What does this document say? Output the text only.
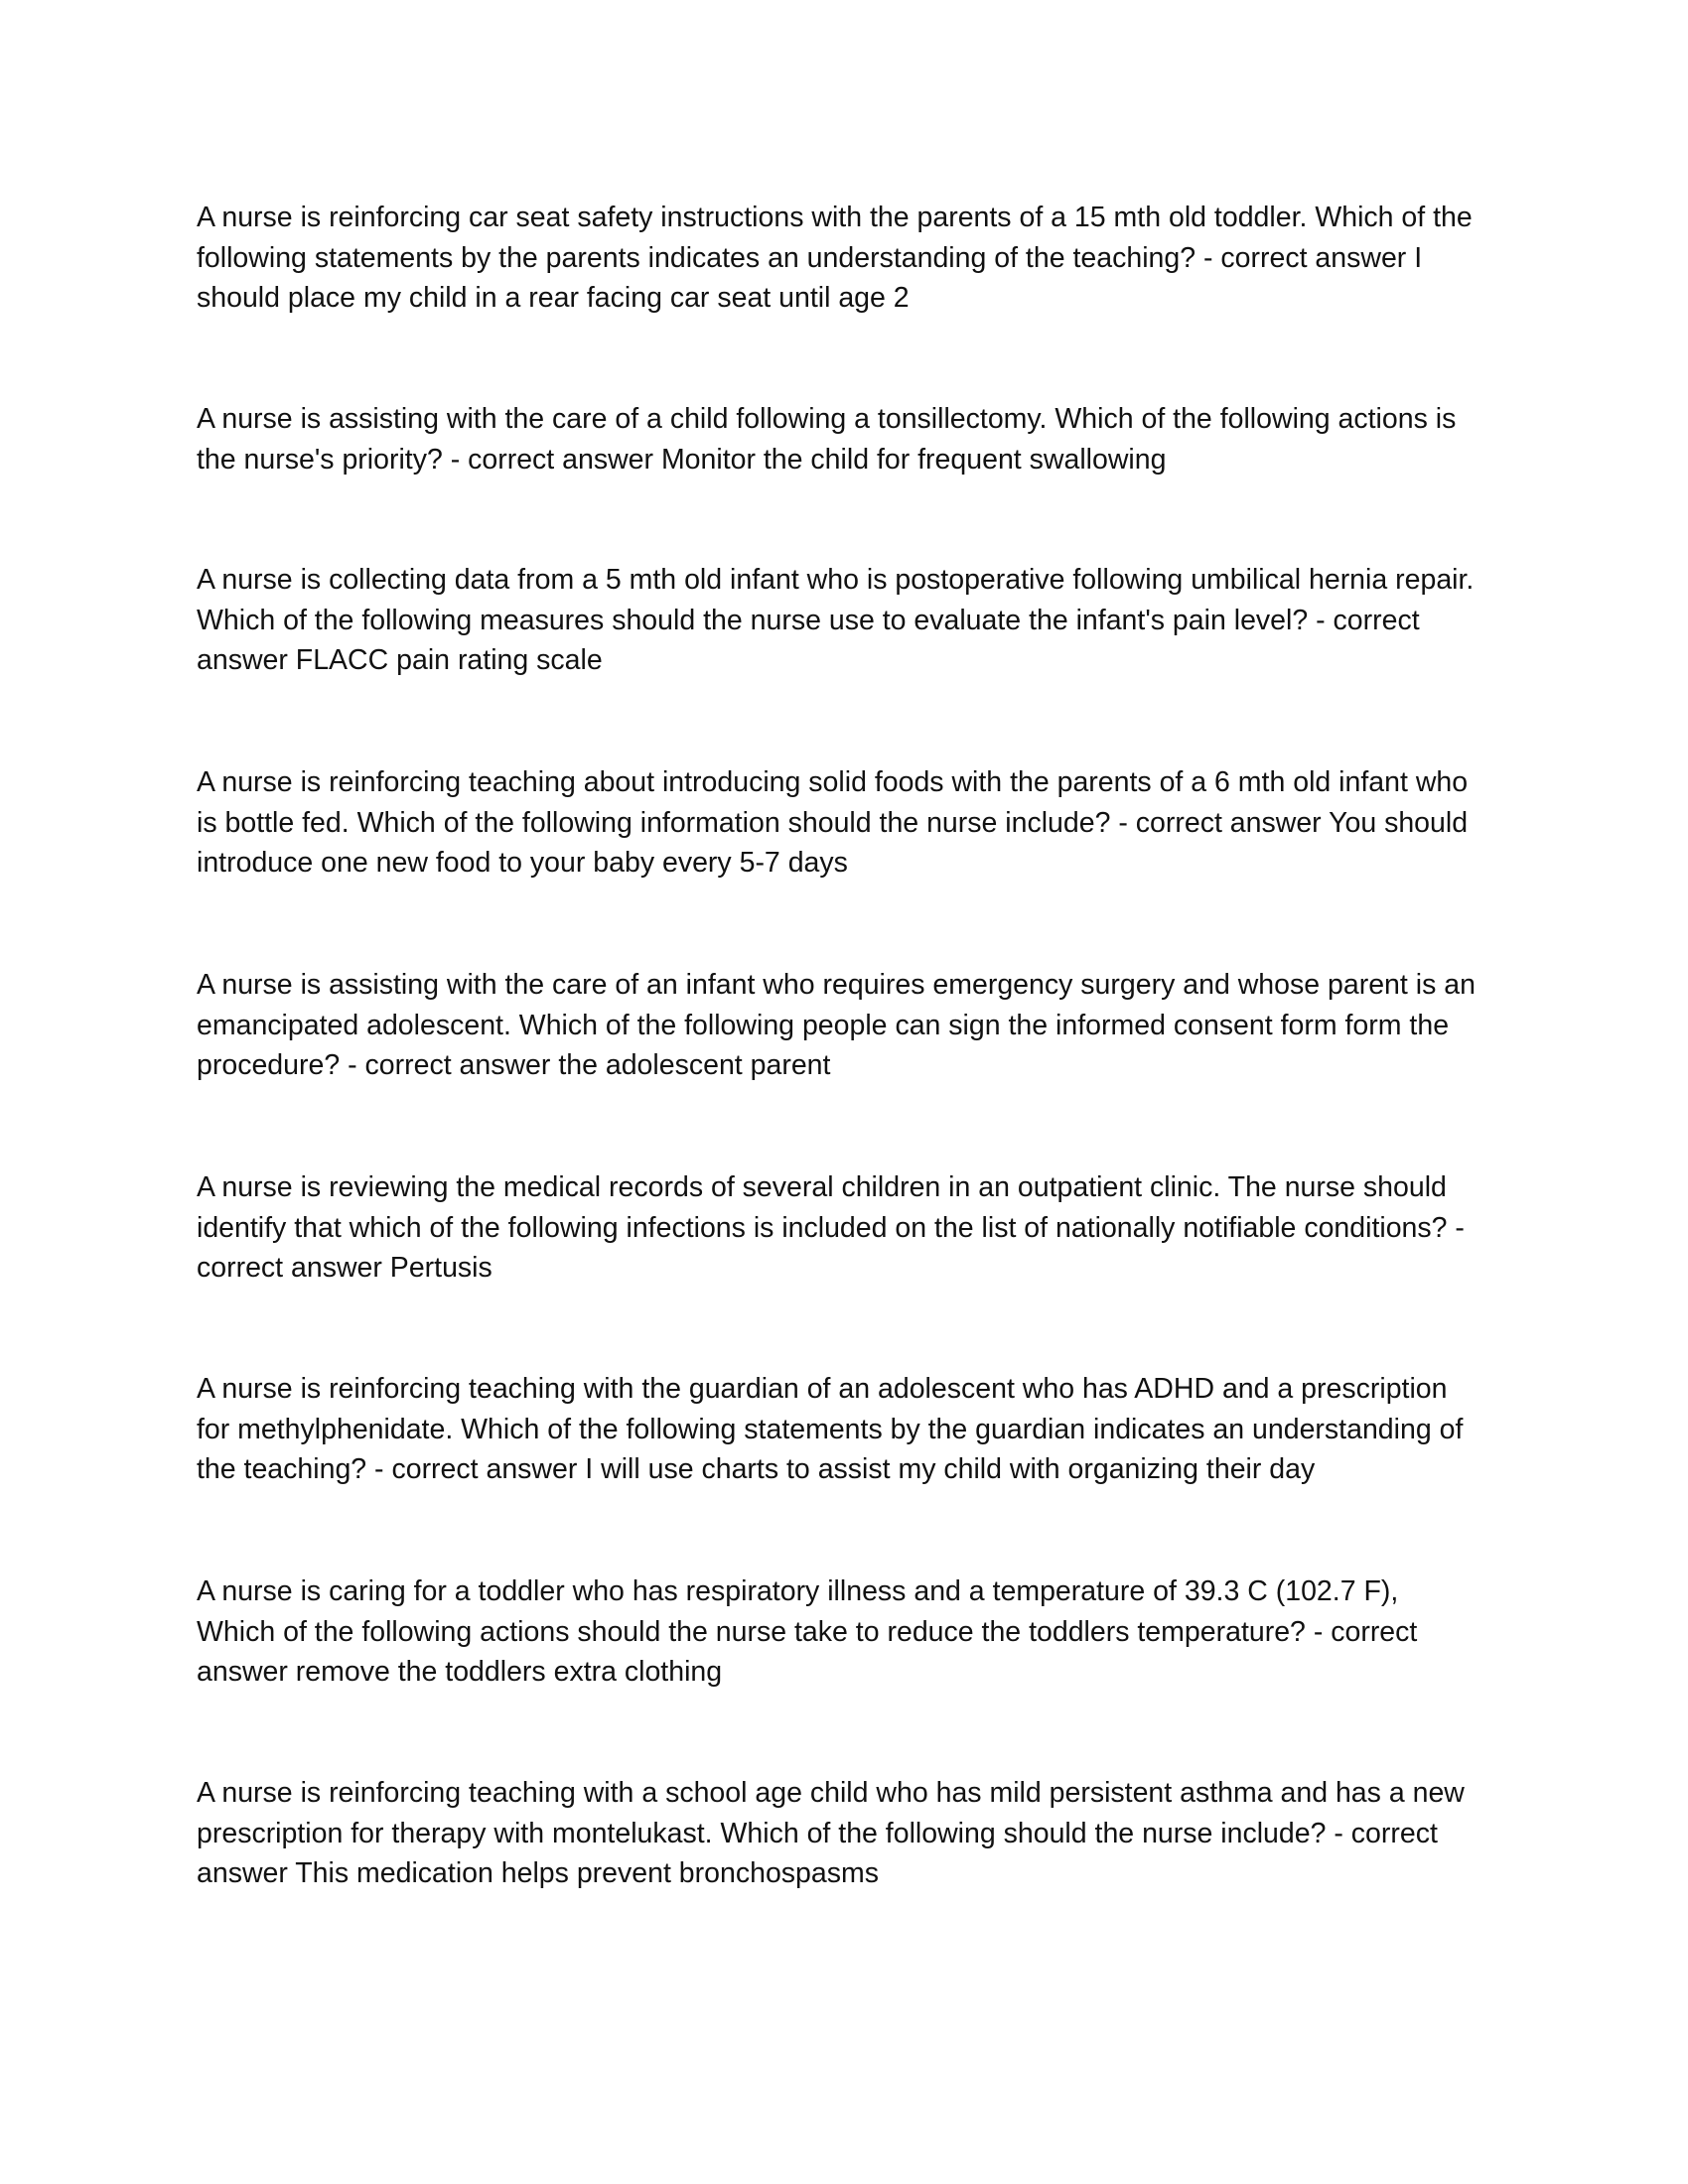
A nurse is reinforcing car seat safety instructions with the parents of a 15 mth old toddler. Which of the following statements by the parents indicates an understanding of the teaching? - correct answer I should place my child in a rear facing car seat until age 2

A nurse is assisting with the care of a child following a tonsillectomy. Which of the following actions is the nurse's priority? - correct answer Monitor the child for frequent swallowing

A nurse is collecting data from a 5 mth old infant who is postoperative following umbilical hernia repair. Which of the following measures should the nurse use to evaluate the infant's pain level? - correct answer FLACC pain rating scale

A nurse is reinforcing teaching about introducing solid foods with the parents of a 6 mth old infant who is bottle fed. Which of the following information should the nurse include? - correct answer You should introduce one new food to your baby every 5-7 days

A nurse is assisting with the care of an infant who requires emergency surgery and whose parent is an emancipated adolescent. Which of the following people can sign the informed consent form form the procedure? - correct answer the adolescent parent

A nurse is reviewing the medical records of several children in an outpatient clinic. The nurse should identify that which of the following infections is included on the list of nationally notifiable conditions? - correct answer Pertusis

A nurse is reinforcing teaching with the guardian of an adolescent who has ADHD and a prescription for methylphenidate. Which of the following statements by the guardian indicates an understanding of the teaching? - correct answer I will use charts to assist my child with organizing their day

A nurse is caring for a toddler who has respiratory illness and a temperature of 39.3 C (102.7 F), Which of the following actions should the nurse take to reduce the toddlers temperature? - correct answer remove the toddlers extra clothing

A nurse is reinforcing teaching with a school age child who has mild persistent asthma and has a new prescription for therapy with montelukast. Which of the following should the nurse include? - correct answer This medication helps prevent bronchospasms
